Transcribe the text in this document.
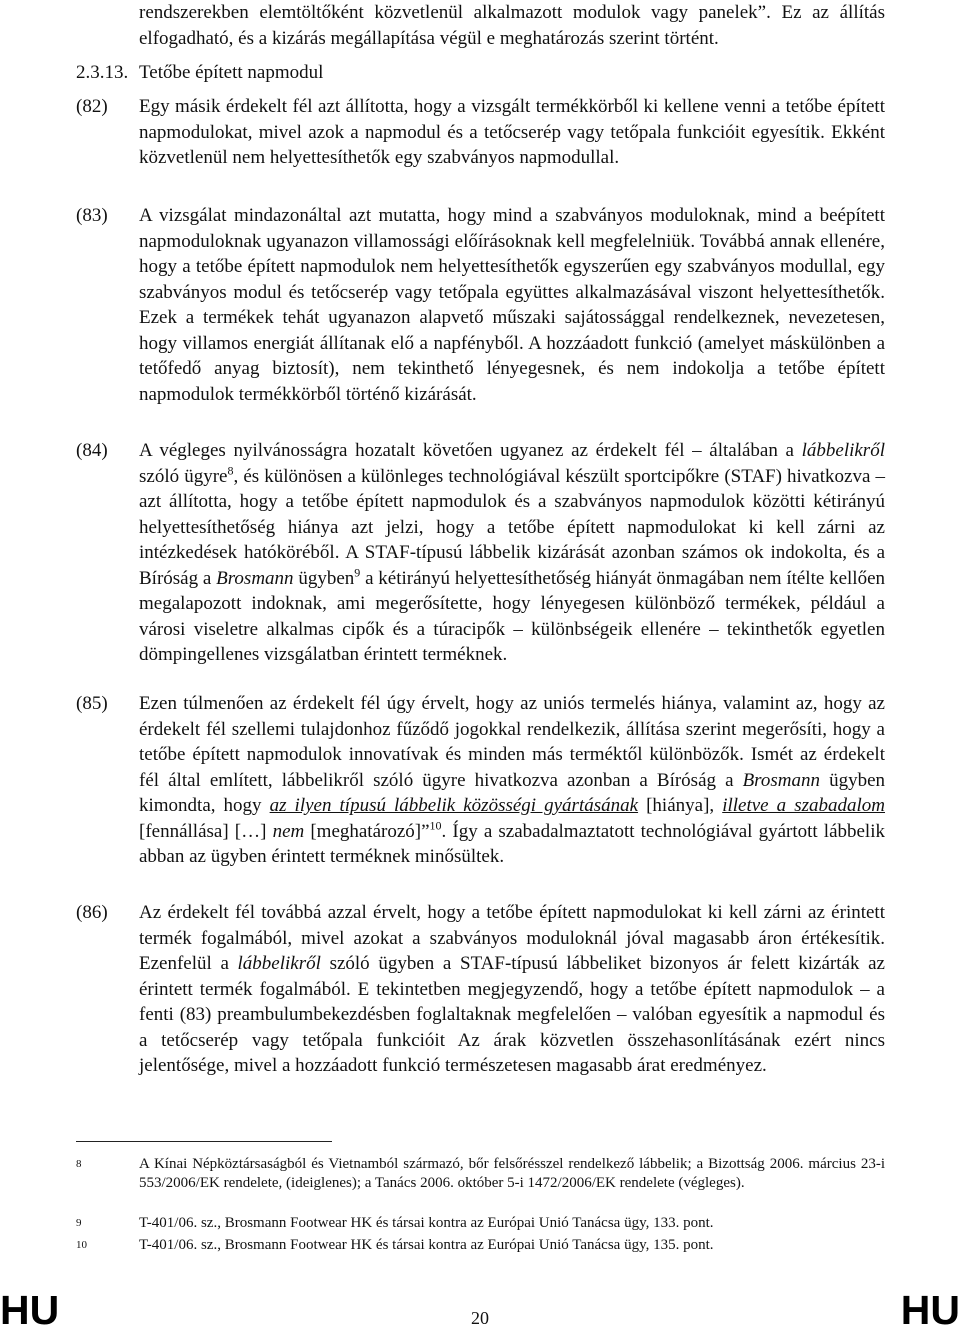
rendszerekben elemtöltőként közvetlenül alkalmazott modulok vagy panelek”. Ez az állítás elfogadható, és a kizárás megállapítása végül e meghatározás szerint történt.
2.3.13. Tetőbe épített napmodul
(82) Egy másik érdekelt fél azt állította, hogy a vizsgált termékkörből ki kellene venni a tetőbe épített napmodulokat, mivel azok a napmodul és a tetőcserép vagy tetőpala funkcióit egyesítik. Ekként közvetlenül nem helyettesíthetők egy szabványos napmodullal.
(83) A vizsgálat mindazonáltal azt mutatta, hogy mind a szabványos moduloknak, mind a beépített napmoduloknak ugyanazon villamossági előírásoknak kell megfelelniük. Továbbá annak ellenére, hogy a tetőbe épített napmodulok nem helyettesíthetők egyszerűen egy szabványos modullal, egy szabványos modul és tetőcserép vagy tetőpala együttes alkalmazásával viszont helyettesíthetők. Ezek a termékek tehát ugyanazon alapvető műszaki sajátossággal rendelkeznek, nevezetesen, hogy villamos energiát állítanak elő a napfényből. A hozzáadott funkció (amelyet máskülönben a tetőfedő anyag biztosít), nem tekinthető lényegesnek, és nem indokolja a tetőbe épített napmodulok termékkörből történő kizárását.
(84) A végleges nyilvánosságra hozatalt követően ugyanez az érdekelt fél ‒ általában a lábbelikről szóló ügyre$^8$, és különösen a különleges technológiával készült sportcipőkre (STAF) hivatkozva ‒ azt állította, hogy a tetőbe épített napmodulok és a szabványos napmodulok közötti kétirányú helyettesíthetőség hiánya azt jelzi, hogy a tetőbe épített napmodulokat ki kell zárni az intézkedések hatóköréből. A STAF-típusú lábbelik kizárását azonban számos ok indokolta, és a Bíróság a Brosmann ügyben$^9$ a kétirányú helyettesíthetőség hiányát önmagában nem ítélte kellően megalapozott indoknak, ami megerősítette, hogy lényegesen különböző termékek, például a városi viseletre alkalmas cipők és a túracipők ‒ különbségeik ellenére ‒ tekinthetők egyetlen dömpingellenes vizsgálatban érintett terméknek.
(85) Ezen túlmenően az érdekelt fél úgy érvelt, hogy az uniós termelés hiánya, valamint az, hogy az érdekelt fél szellemi tulajdonhoz fűződő jogokkal rendelkezik, állítása szerint megerősíti, hogy a tetőbe épített napmodulok innovatívak és minden más terméktől különbözők. Ismét az érdekelt fél által említett, lábbelikről szóló ügyre hivatkozva azonban a Bíróság a Brosmann ügyben kimondta, hogy az ilyen típusú lábbelik közösségi gyártásának [hiánya], illetve a szabadalom [fennállása] […] nem [meghatározó]”$^{10}$. Így a szabadalmaztatott technológiával gyártott lábbelik abban az ügyben érintett terméknek minősültek.
(86) Az érdekelt fél továbbá azzal érvelt, hogy a tetőbe épített napmodulokat ki kell zárni az érintett termék fogalmából, mivel azokat a szabványos moduloknál jóval magasabb áron értékesítik. Ezenfelül a lábbelikről szóló ügyben a STAF-típusú lábbeliket bizonyos ár felett kizárták az érintett termék fogalmából. E tekintetben megjegyzendő, hogy a tetőbe épített napmodulok ‒ a fenti (83) preambulumbekezdésben foglaltaknak megfelelően ‒ valóban egyesítik a napmodul és a tetőcserép vagy tetőpala funkcióit Az árak közvetlen összehasonlításának ezért nincs jelentősége, mivel a hozzáadott funkció természetesen magasabb árat eredményez.
8	A Kínai Népköztársaságból és Vietnamból származó, bőr felsőrésszel rendelkező lábbelik; a Bizottság 2006. március 23-i 553/2006/EK rendelete, (ideiglenes); a Tanács 2006. október 5-i 1472/2006/EK rendelete (végleges).
9	T-401/06. sz., Brosmann Footwear HK és társai kontra az Európai Unió Tanácsa ügy, 133. pont.
10	T-401/06. sz., Brosmann Footwear HK és társai kontra az Európai Unió Tanácsa ügy, 135. pont.
HU	20	HU
